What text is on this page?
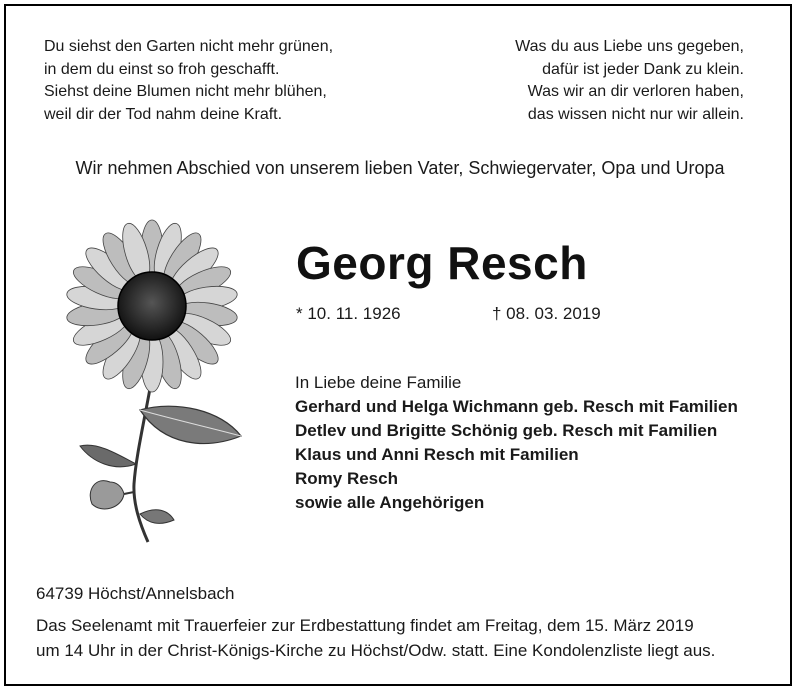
Du siehst den Garten nicht mehr grünen,
in dem du einst so froh geschafft.
Siehst deine Blumen nicht mehr blühen,
weil dir der Tod nahm deine Kraft.
Was du aus Liebe uns gegeben,
dafür ist jeder Dank zu klein.
Was wir an dir verloren haben,
das wissen nicht nur wir allein.
Wir nehmen Abschied von unserem lieben Vater, Schwiegervater, Opa und Uropa
Georg Resch
* 10. 11. 1926	† 08. 03. 2019
In Liebe deine Familie
Gerhard und Helga Wichmann geb. Resch mit Familien
Detlev und Brigitte Schönig geb. Resch mit Familien
Klaus und Anni Resch mit Familien
Romy Resch
sowie alle Angehörigen
64739 Höchst/Annelsbach
Das Seelenamt mit Trauerfeier zur Erdbestattung findet am Freitag, dem 15. März 2019
um 14 Uhr in der Christ-Königs-Kirche zu Höchst/Odw. statt. Eine Kondolenzliste liegt aus.
